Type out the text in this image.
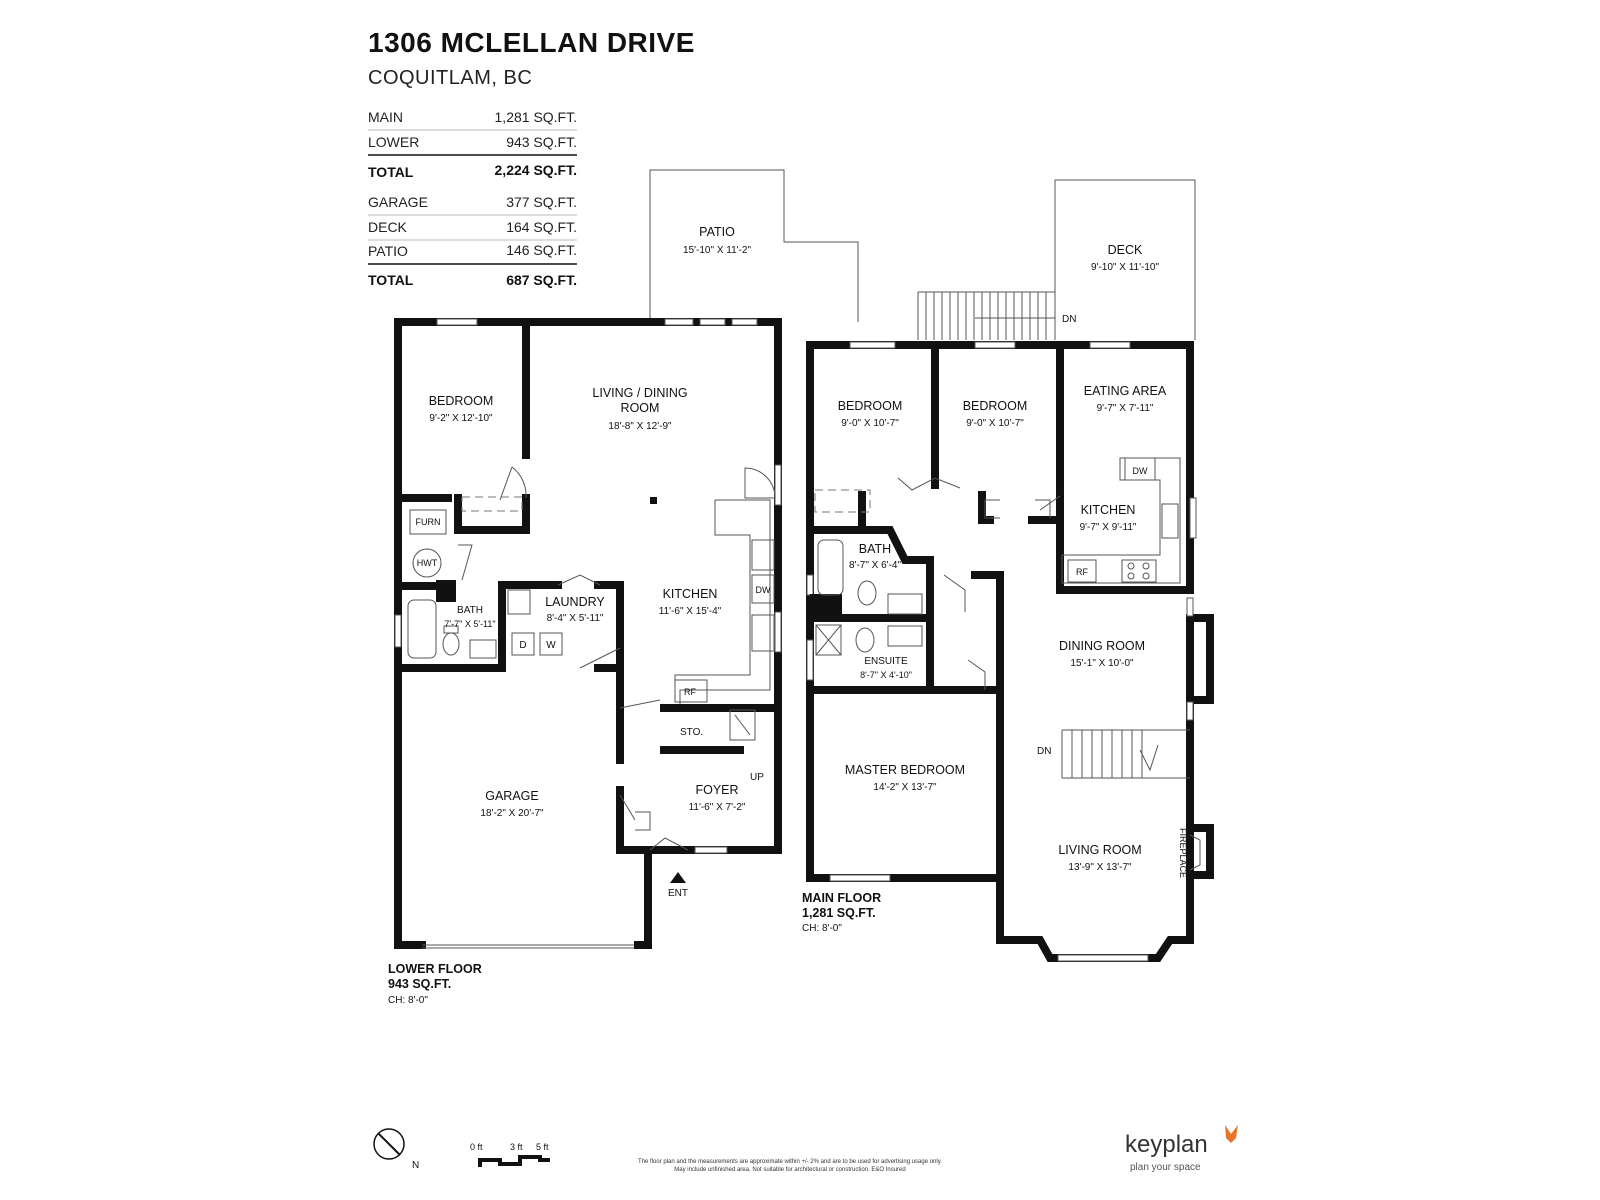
1306 MCLELLAN DRIVE
COQUITLAM, BC
MAIN	1,281 SQ.FT.
LOWER	943 SQ.FT.
TOTAL	2,224 SQ.FT.
GARAGE	377 SQ.FT.
DECK	164 SQ.FT.
PATIO	146 SQ.FT.
TOTAL	687 SQ.FT.
FURN
HWT
D W
DW
RF
STO.
UP
PATIO
15'-10" X 11'-2"
BEDROOM
9'-2" X 12'-10"
LIVING / DINING
ROOM
18'-8" X 12'-9"
BATH
7'-7" X 5'-11"
LAUNDRY
8'-4" X 5'-11"
KITCHEN
11'-6" X 15'-4"
FOYER
11'-6" X 7'-2"
GARAGE
18'-2" X 20'-7"
ENT
LOWER FLOOR
943 SQ.FT.
CH: 8'-0"
DW
RF
DECK
9'-10" X 11'-10"
DN
BEDROOM
9'-0" X 10'-7"
BEDROOM
9'-0" X 10'-7"
EATING AREA
9'-7" X 7'-11"
KITCHEN
9'-7" X 9'-11"
BATH
8'-7" X 6'-4"
ENSUITE
8'-7" X 4'-10"
DINING ROOM
15'-1" X 10'-0"
DN
MASTER BEDROOM
14'-2" X 13'-7"
LIVING ROOM
13'-9" X 13'-7"	FIREPLACE
MAIN FLOOR
1,281 SQ.FT.
CH: 8'-0"
N
0 ft	3 ft 5 ft
The floor plan and the measurements are approximate within +/- 2% and are to be used for advertising usage only.
May include unfinished area. Not suitable for architectural or construction. E&O Insured
keyplan
plan your space
